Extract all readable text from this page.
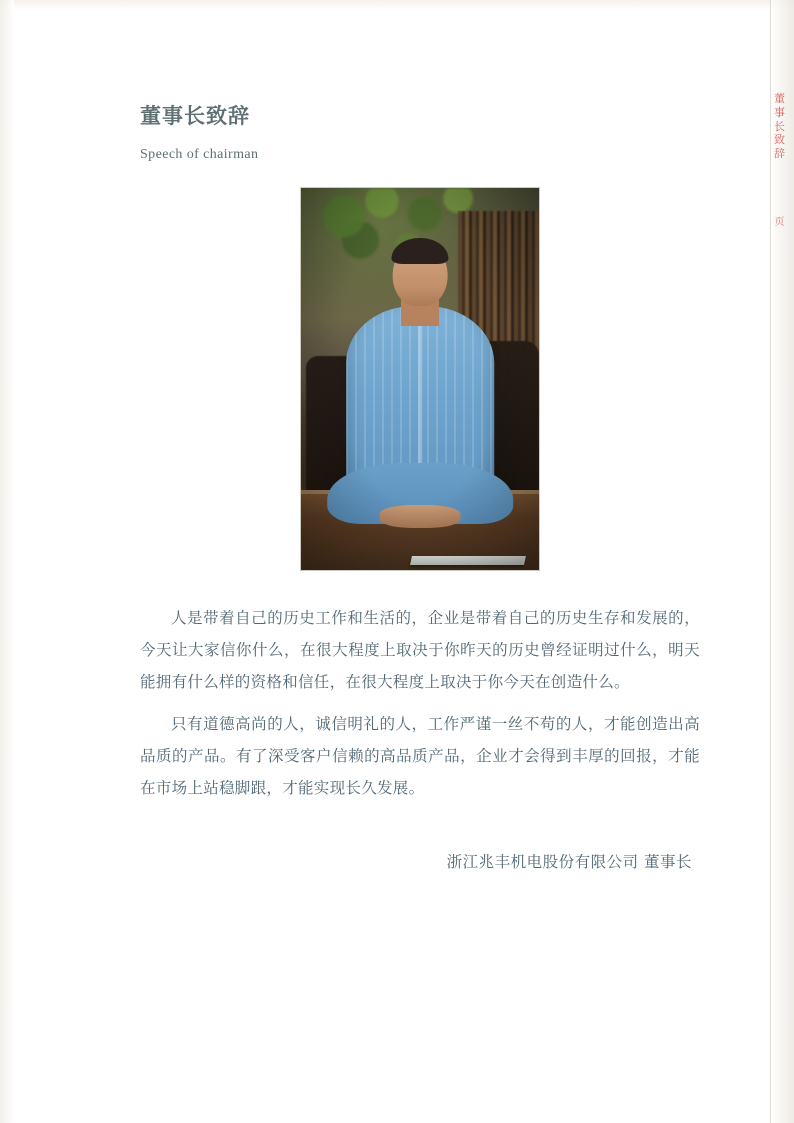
董事长致辞
页
董事长致辞
Speech of chairman

人是带着自己的历史工作和生活的，企业是带着自己的历史生存和发展的，今天让大家信你什么，在很大程度上取决于你昨天的历史曾经证明过什么，明天能拥有什么样的资格和信任，在很大程度上取决于你今天在创造什么。

只有道德高尚的人，诚信明礼的人，工作严谨一丝不苟的人，才能创造出高品质的产品。有了深受客户信赖的高品质产品，企业才会得到丰厚的回报，才能在市场上站稳脚跟，才能实现长久发展。

浙江兆丰机电股份有限公司 董事长
